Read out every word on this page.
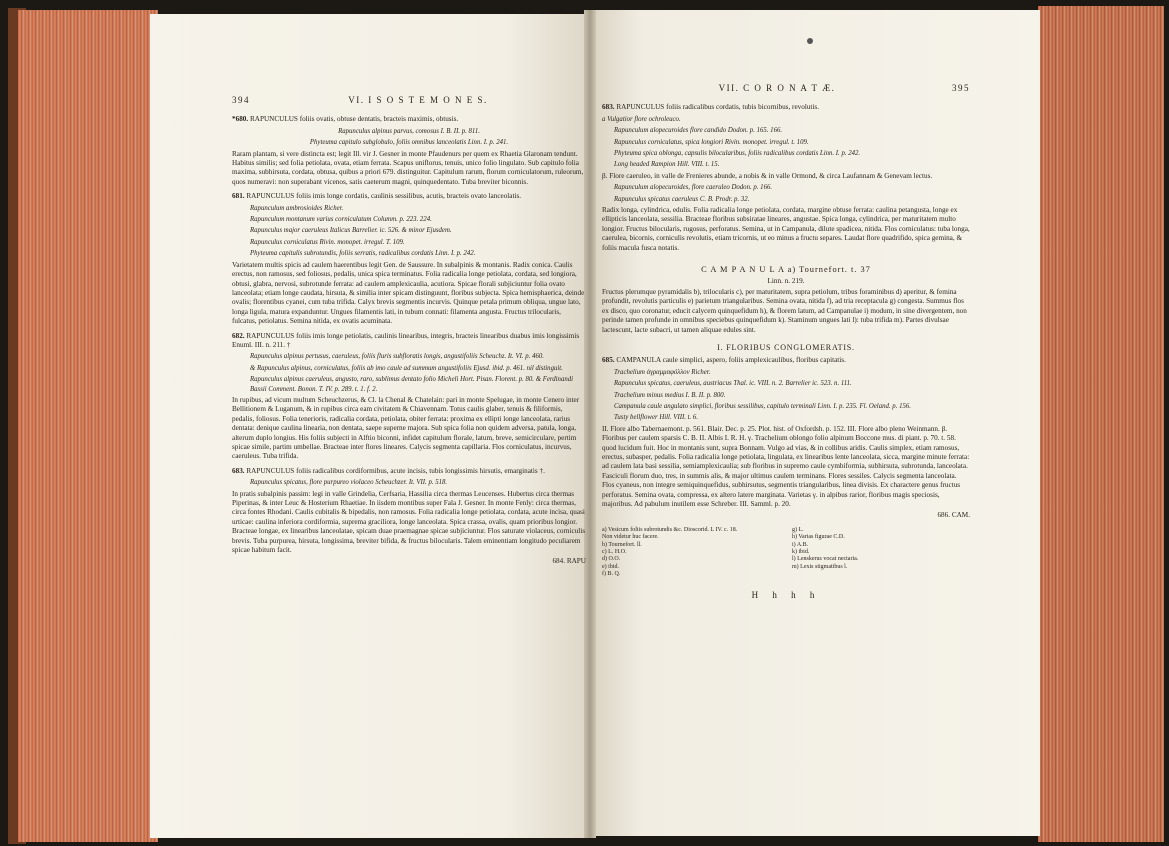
394	VI. I S O S T E M O N E S.

*680. RAPUNCULUS foliis ovatis, obtuse dentatis, bracteis maximis, obtusis.

Rapunculus alpinus parvus, comosus I. B. II. p. 811.

Phyteuma capitulo subglobulo, foliis omnibus lanceolatis Linn. I. p. 241.

Raram plantam, si vere distincta est; legit Ill. vir J. Gesner in monte Pfaudenurs per quem ex Rhaetia Glaronam tendunt. Habitus similis; sed folia petiolata, ovata, etiam ferrata. Scapus uniflorus, tenuis, unico folio lingulato. Sub capitulo folia maxima, subhirsuta, cordata, obtusa, quibus a priori 679. distinguitur. Capitulum rarum, florum corniculatorum, ruleorum, quos numeravi: non superabant vicenos, satis caeterum magni, quinquedentato. Tuba breviter biconnis.

681. RAPUNCULUS foliis imis longe cordatis, caulinis sessilibus, acutis, bracteis ovato lanceolatis.

Rapunculum ambrosioides Richer.

Rapunculum montanum varius corniculatum Columm. p. 223. 224.

Rapunculus major caeruleus Italicus Barrelier. ic. 526. & minor Ejusdem.

Rapunculus corniculatus Rivin. monopet. irregul. T. 109.

Phyteuma capitulis subrotundis, foliis serratis, radicalibus cordatis Linn. I. p. 242.

Varietatem multis spicis ad caulem haerentibus legit Gen. de Saussure. In subalpinis & montanis. Radix conica. Caulis erectus, non ramosus, sed foliosus, pedalis, unica spica terminatus. Folia radicalia longe petiolata, cordata, sed longiora, obtusi, glabra, nervosi, subrotunde ferrata: ad caulem amplexicaulia, acutiora. Spicae florali subjiciuntur folia ovato lanceolata; etiam longe caudata, hirsuta, & similia inter spicam distinguunt, floribus subjecta. Spica hemisphaerica, deinde ovalis; florentibus cyanei, cum tuba trifida. Calyx brevis segmentis incurvis. Quinque petala primum obliqua, ungue lato, longa ligula, matura expanduntur. Ungues filamentis lati, in tubum connati: filamenta angusta. Fructus trilocularis, fulcatus, petiolatus. Semina nitida, ex ovatis acuminata.

682. RAPUNCULUS foliis imis longe petiolatis, caulinis linearibus, integris, bracteis linearibus duabus imis longissimis Enuml. III. n. 211. †

Rapunculus alpinus pertusus, caeruleus, foliis fluris subfloratis longis, angustifoliis Scheuchz. It. VI. p. 460.

& Rapunculus alpinus, corniculatus, foliis ab imo caule ad summum angustifoliis Ejusd. ibid. p. 461. nil distinguit.

Rapunculus alpinus caeruleus, angusto, raro, sublimus dentato folio Micheli Hort. Pisan. Florent. p. 80. & Ferdinandi Bassii Comment. Bonon. T. IV. p. 289. t. 1. f. 2.

In rupibus, ad vicum multum Scheuchzerus, & Cl. la Chenal & Chatelain: pari in monte Spelugae, in monte Cenero inter Bellitionem & Luganum, & in rupibus circa eam civitatem & Chiavennam. Totus caulis glaber, tenuis & filiformis, pedalis, foliosus. Folia tenerioris, radicalia cordata, petiolata, obiter ferrata: proxima ex ellipti longe lanceolata, rarius dentata: denique caulina linearia, non dentata, saepe superne majora. Sub spica folia non quidem adversa, patula, longa, alterum duplo longius. His foliis subjecti in Alftio biconni, infidet capitulum florale, latum, breve, semicirculare, pertim spicae simile, partim umbellae. Bracteae inter flores lineares. Calycis segmenta capillaria. Flos corniculatus, incurvus, caeruleus. Tuba trifida.

683. RAPUNCULUS foliis radicalibus cordiformibus, acute incisis, tubis longissimis hirsutis, emarginatis †.

Rapunculus spicatus, flore purpureo violaceo Scheuchzer. It. VII. p. 518.

In pratis subalpinis passim: legi in valle Grindelia, Cerfsaria, Hassilia circa thermas Leucenses. Hubertus circa thermas Piperinas, & inter Leuc & Hosterium Rhaetiae. In iisdem montibus super Fala J. Gesner. In monte Fenly: circa thermas, circa fontes Rhodani. Caulis cubitalis & bipedalis, non ramosus. Folia radicalia longe petiolata, cordata, acute incisa, quasi urticae: caulina inferiora cordiformia, suprema graciliora, longe lanceolata. Spica crassa, ovalis, quam prioribus longior. Bracteae longae, ex linearibus lanceolatae, spicam duae praemagnae spicae subjiciuntur. Flos saturate violaceus, corniculis brevis. Tuba purpurea, hirsuta, longissima, breviter bifida, & fructus bilocularis. Talem eminentiam longitudo peculiarem spicae habitum facit.

684. RAPU

VII. C O R O N A T Æ.	395

683. RAPUNCULUS foliis radicalibus cordatis, tubis bicornibus, revolutis.

a Vulgatior flore ochroleuco.

Rapunculum alopecuroides flore candido Dodon. p. 165. 166.

Rapunculus corniculatus, spica longiori Rivin. monopet. irregul. t. 109.

Phyteuma spica oblonga, capsulis bilocularibus, foliis radicalibus cordatis Linn. I. p. 242.

Long headed Rampion Hill. VIII. t. 15.

β. Flore caeruleo, in valle de Frenieres abunde, a nobis & in valle Ormond, & circa Laufannam & Genevam lectus.

Rapunculum alopecuroides, flore caeruleo Dodon. p. 166.

Rapunculus spicatus caeruleus C. B. Prodr. p. 32.

Radix longa, cylindrica, edulis. Folia radicalia longe petiolata, cordata, margine obtuse ferrata: caulina petangusta, longe ex ellipticis lanceolata, sessilia. Bracteae floribus subsiratae lineares, angustae. Spica longa, cylindrica, per maturitatem multo longior. Fructus bilocularis, rugosus, perforatus. Semina, ut in Campanula, dilute spadicea, nitida. Flos corniculatus: tuba longa, caerulea, bicornis, corniculis revolutis, etiam tricornis, ut eo minus a fructu separes. Laudat flore quadrifido, spica gemina, & foliis macula fusca notatis.

C A M P A N U L A a) Tournefort. t. 37

Linn. n. 219.

Fructus plerumque pyramidalis b), trilocularis c), per maturitatem, supra petiolum, tribus foraminibus d) aperitur, & femina profundit, revolutis particulis e) parietum triangularibus. Semina ovata, nitida f), ad tria receptacula g) congesta. Summus flos ex disco, quo coronatur, educit calycem quinquefidum h), & florem latum, ad Campanulae i) modum, in sine divergentem, non perinde tamen profunde in omnibus speciebus quinquefidum k). Staminum ungues lati l): tuba trifida m). Partes divulsae lactescunt, lacte subacri, ut tamen aliquae edules sint.

I. FLORIBUS CONGLOMERATIS.

685. CAMPANULA caule simplici, aspero, foliis amplexicaulibus, floribus capitatis.

Trachelium ἀγραμμαφόλλον Richer.

Rapunculus spicatus, caeruleus, austriacus Thal. ic. VIII. n. 2. Barrelier ic. 523. n. 111.

Trachelium minus medius I. B. II. p. 800.

Campanula caule angulato simplici, floribus sessilibus, capitulo terminali Linn. I. p. 235. Fl. Oeland. p. 156.

Tusty bellflower Hill. VIII. t. 6.

II. Flore albo Tabernaemont. p. 561. Blair. Dec. p. 25. Plot. hist. of Oxfordsh. p. 152. III. Flore albo pleno Weinmann. β. Floribus per caulem sparsis C. B. II. Albis I. R. H. γ. Trachelium oblongo folio alpinum Boccone mus. di piant. p. 70. t. 58. quod lucidum fuit. Hoc in montanis sunt, supra Bonnam. Vulgo ad vias, & in collibus aridis. Caulis simplex, etiam ramosus, erectus, subasper, pedalis. Folia radicalia longe petiolata, lingulata, ex linearibus lente lanceolata, sicca, margine minute ferrata: ad caulem lata basi sessilia, semiamplexicaulia; sub floribus in supremo caule cymbiformia, subhirsuta, subrotunda, lanceolata. Fasciculi florum duo, tres, in summis alis, & major ultimus caulem terminans. Flores sessiles. Calycis segmenta lanceolata. Flos cyaneus, non integre semiquinquefidus, subhirsutus, segmentis triangularibus, linea divisis. Ex charactere genus fructus perforatus. Semina ovata, compressa, ex altero latere marginata. Varietas γ. in alpibus rarior, floribus magis speciosis, majoribus. Ad pabulum inutilem esse Schreber. III. Samml. p. 20.

686. CAM.

a) Vesicum foliis subrotundis &c. Dioscorid. L IV. c. 18.
Non videtur huc facere.
b) Tournefort. ll.
c) L. H.O.
d) O.O.
e) ibid.
f) B. Q.
g) L.
h) Varias figurae C.D.
i) A.B.
k) ibid.
l) Lenskerus vocat nectaria.
m) Lexis stigmatibus l.
H h h h
